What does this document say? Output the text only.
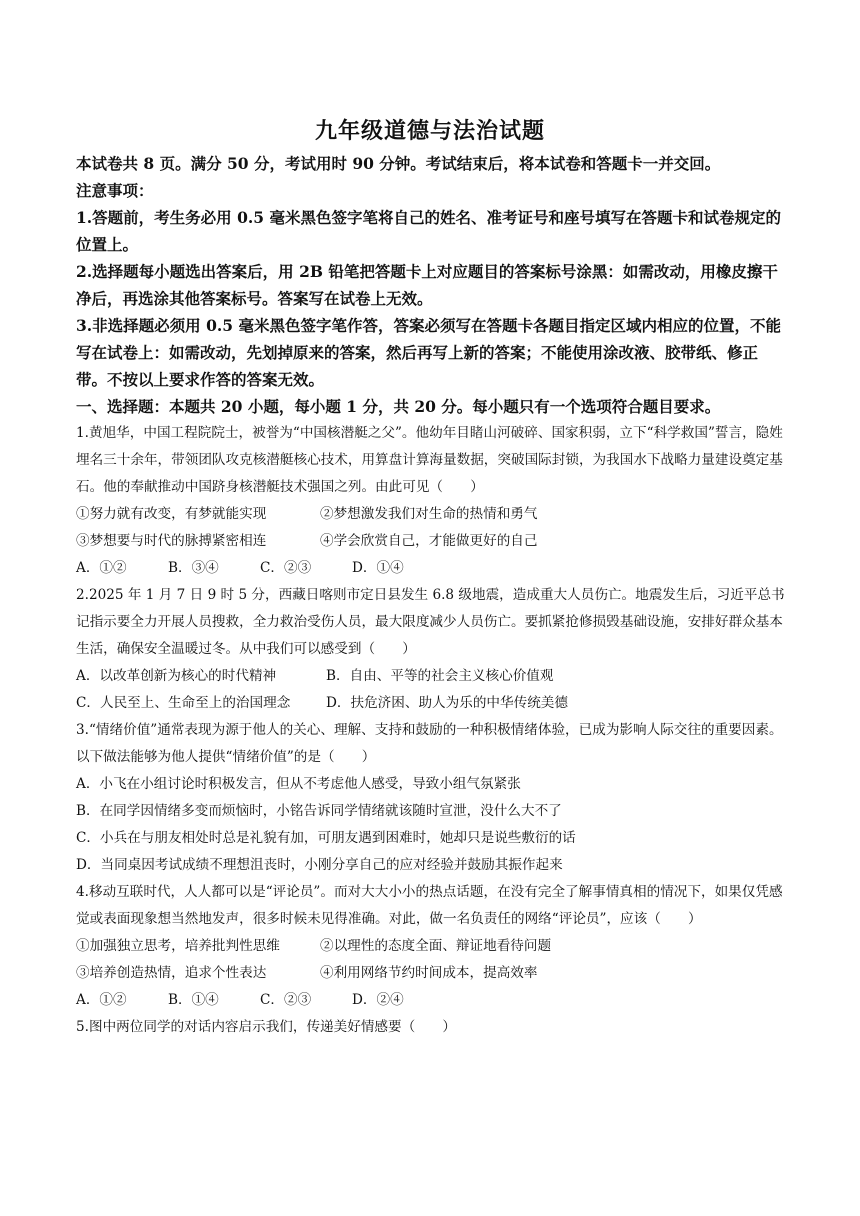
九年级道德与法治试题

本试卷共 8 页。满分 50 分，考试用时 90 分钟。考试结束后，将本试卷和答题卡一并交回。

注意事项：

1.答题前，考生务必用 0.5 毫米黑色签字笔将自己的姓名、准考证号和座号填写在答题卡和试卷规定的位置上。

2.选择题每小题选出答案后，用 2B 铅笔把答题卡上对应题目的答案标号涂黑：如需改动，用橡皮擦干净后，再选涂其他答案标号。答案写在试卷上无效。

3.非选择题必须用 0.5 毫米黑色签字笔作答，答案必须写在答题卡各题目指定区域内相应的位置，不能写在试卷上：如需改动，先划掉原来的答案，然后再写上新的答案；不能使用涂改液、胶带纸、修正带。不按以上要求作答的答案无效。

一、选择题：本题共 20 小题，每小题 1 分，共 20 分。每小题只有一个选项符合题目要求。

1.黄旭华，中国工程院院士，被誉为“中国核潜艇之父”。他幼年目睹山河破碎、国家积弱，立下“科学救国”誓言，隐姓埋名三十余年，带领团队攻克核潜艇核心技术，用算盘计算海量数据，突破国际封锁，为我国水下战略力量建设奠定基石。他的奉献推动中国跻身核潜艇技术强国之列。由此可见（　　）

①努力就有改变，有梦就能实现	②梦想激发我们对生命的热情和勇气

③梦想要与时代的脉搏紧密相连	④学会欣赏自己，才能做更好的自己

A．①②	B．③④	C．②③	D．①④

2.2025 年 1 月 7 日 9 时 5 分，西藏日喀则市定日县发生 6.8 级地震，造成重大人员伤亡。地震发生后，习近平总书记指示要全力开展人员搜救，全力救治受伤人员，最大限度减少人员伤亡。要抓紧抢修损毁基础设施，安排好群众基本生活，确保安全温暖过冬。从中我们可以感受到（　　）

A．以改革创新为核心的时代精神	B．自由、平等的社会主义核心价值观

C．人民至上、生命至上的治国理念	D．扶危济困、助人为乐的中华传统美德

3.“情绪价值”通常表现为源于他人的关心、理解、支持和鼓励的一种积极情绪体验，已成为影响人际交往的重要因素。以下做法能够为他人提供“情绪价值”的是（　　）

A．小飞在小组讨论时积极发言，但从不考虑他人感受，导致小组气氛紧张

B．在同学因情绪多变而烦恼时，小铭告诉同学情绪就该随时宣泄，没什么大不了

C．小兵在与朋友相处时总是礼貌有加，可朋友遇到困难时，她却只是说些敷衍的话

D．当同桌因考试成绩不理想沮丧时，小刚分享自己的应对经验并鼓励其振作起来

4.移动互联时代，人人都可以是“评论员”。而对大大小小的热点话题，在没有完全了解事情真相的情况下，如果仅凭感觉或表面现象想当然地发声，很多时候未见得准确。对此，做一名负责任的网络“评论员”，应该（　　）

①加强独立思考，培养批判性思维	②以理性的态度全面、辩证地看待问题

③培养创造热情，追求个性表达	④利用网络节约时间成本，提高效率

A．①②	B．①④	C．②③	D．②④

5.图中两位同学的对话内容启示我们，传递美好情感要（　　）
